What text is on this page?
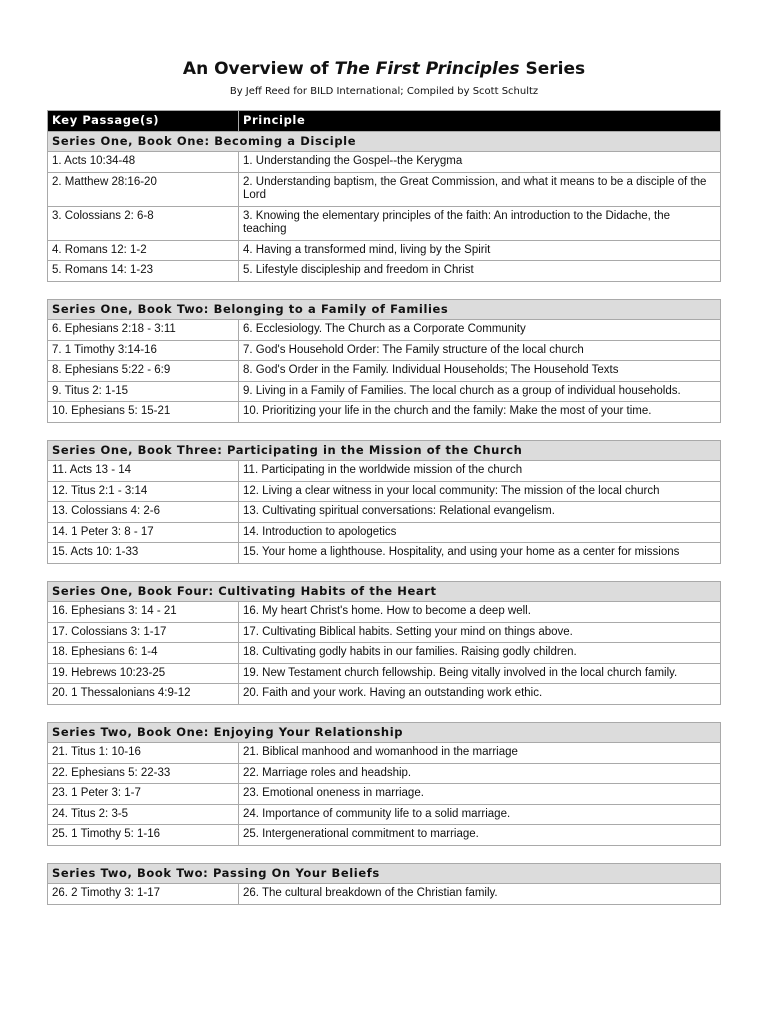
An Overview of The First Principles Series

By Jeff Reed for BILD International; Compiled by Scott Schultz

Key Passage(s)	Principle
Series One, Book One: Becoming a Disciple	
1. Acts 10:34-48	1. Understanding the Gospel--the Kerygma
2. Matthew 28:16-20	2. Understanding baptism, the Great Commission, and what it means to be a disciple of the Lord
3. Colossians 2: 6-8	3. Knowing the elementary principles of the faith: An introduction to the Didache, the teaching
4. Romans 12: 1-2	4. Having a transformed mind, living by the Spirit
5. Romans 14: 1-23	5. Lifestyle discipleship and freedom in Christ
Series One, Book Two: Belonging to a Family of Families	
6. Ephesians 2:18 - 3:11	6. Ecclesiology. The Church as a Corporate Community
7. 1 Timothy 3:14-16	7. God's Household Order: The Family structure of the local church
8. Ephesians 5:22 - 6:9	8. God's Order in the Family. Individual Households; The Household Texts
9. Titus 2: 1-15	9. Living in a Family of Families. The local church as a group of individual households.
10. Ephesians 5: 15-21	10. Prioritizing your life in the church and the family: Make the most of your time.
Series One, Book Three: Participating in the Mission of the Church	
11. Acts 13 - 14	11. Participating in the worldwide mission of the church
12. Titus 2:1 - 3:14	12. Living a clear witness in your local community: The mission of the local church
13. Colossians 4: 2-6	13. Cultivating spiritual conversations: Relational evangelism.
14. 1 Peter 3: 8 - 17	14. Introduction to apologetics
15. Acts 10: 1-33	15. Your home a lighthouse. Hospitality, and using your home as a center for missions
Series One, Book Four: Cultivating Habits of the Heart	
16. Ephesians 3: 14 - 21	16. My heart Christ's home. How to become a deep well.
17. Colossians 3: 1-17	17. Cultivating Biblical habits. Setting your mind on things above.
18. Ephesians 6: 1-4	18. Cultivating godly habits in our families. Raising godly children.
19. Hebrews 10:23-25	19. New Testament church fellowship. Being vitally involved in the local church family.
20. 1 Thessalonians 4:9-12	20. Faith and your work. Having an outstanding work ethic.
Series Two, Book One: Enjoying Your Relationship	
21. Titus 1: 10-16	21. Biblical manhood and womanhood in the marriage
22. Ephesians 5: 22-33	22. Marriage roles and headship.
23. 1 Peter 3: 1-7	23. Emotional oneness in marriage.
24. Titus 2: 3-5	24. Importance of community life to a solid marriage.
25. 1 Timothy 5: 1-16	25. Intergenerational commitment to marriage.
Series Two, Book Two: Passing On Your Beliefs
26. 2 Timothy 3: 1-17	26. The cultural breakdown of the Christian family.
